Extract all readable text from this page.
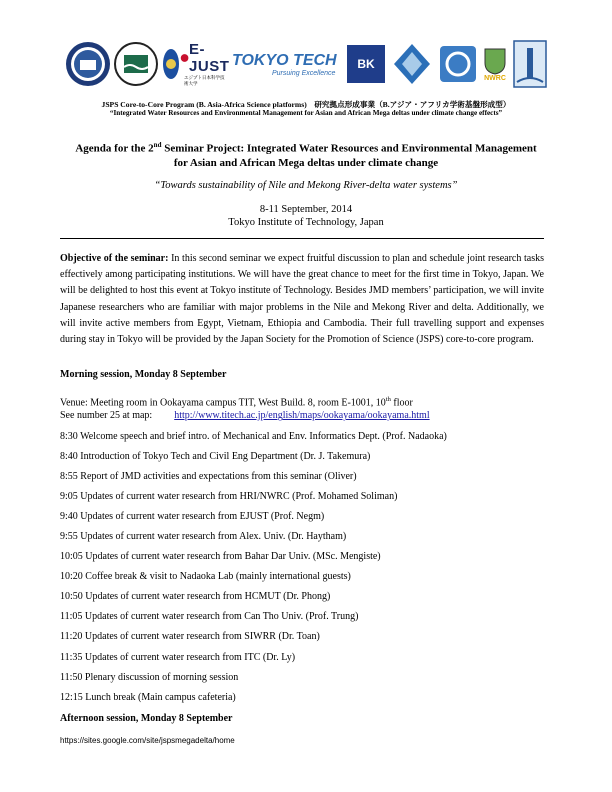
E-JUST
エジプト日本科学技術大学
TOKYO TECH
Pursuing Excellence
BK
NWRC
JSPS Core-to-Core Program (B. Asia-Africa Science platforms)　研究拠点形成事業（B.アジア・アフリカ学術基盤形成型）
“Integrated Water Resources and Environmental Management for Asian and African Mega deltas under climate change effects”
Agenda for the 2nd Seminar Project: Integrated Water Resources and Environmental Management
for Asian and African Mega deltas under climate change
“Towards sustainability of Nile and Mekong River-delta water systems”
8-11 September, 2014
Tokyo Institute of Technology, Japan
Objective of the seminar: In this second seminar we expect fruitful discussion to plan and schedule joint research tasks effectively among participating institutions. We will have the great chance to meet for the first time in Tokyo, Japan. We will be delighted to host this event at Tokyo institute of Technology. Besides JMD members’ participation, we will invite Japanese researchers who are familiar with major problems in the Nile and Mekong River and delta. Additionally, we will invite active members from Egypt, Vietnam, Ethiopia and Cambodia. Their full travelling support and expenses during stay in Tokyo will be provided by the Japan Society for the Promotion of Science (JSPS) core-to-core program.
Morning session, Monday 8 September
Venue: Meeting room in Ookayama campus TIT, West Build. 8, room E-1001, 10th floor
See number 25 at map: http://www.titech.ac.jp/english/maps/ookayama/ookayama.html
8:30 Welcome speech and brief intro. of Mechanical and Env. Informatics Dept. (Prof. Nadaoka)
8:40 Introduction of Tokyo Tech and Civil Eng Department (Dr. J. Takemura)
8:55 Report of JMD activities and expectations from this seminar (Oliver)
9:05 Updates of current water research from HRI/NWRC (Prof. Mohamed Soliman)
9:40 Updates of current water research from EJUST (Prof. Negm)
9:55 Updates of current water research from Alex. Univ. (Dr. Haytham)
10:05 Updates of current water research from Bahar Dar Univ. (MSc. Mengiste)
10:20 Coffee break & visit to Nadaoka Lab (mainly international guests)
10:50 Updates of current water research from HCMUT (Dr. Phong)
11:05 Updates of current water research from Can Tho Univ. (Prof. Trung)
11:20 Updates of current water research from SIWRR (Dr. Toan)
11:35 Updates of current water research from ITC (Dr. Ly)
11:50 Plenary discussion of morning session
12:15 Lunch break (Main campus cafeteria)
Afternoon session, Monday 8 September
https://sites.google.com/site/jspsmegadelta/home
